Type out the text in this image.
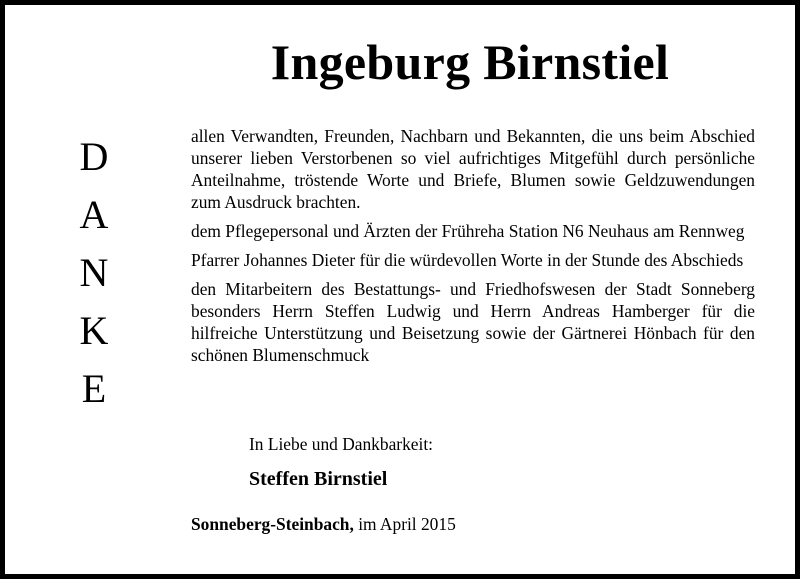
Ingeburg Birnstiel
D
A
N
K
E

allen Verwandten, Freunden, Nachbarn und Bekannten, die uns beim Abschied unserer lieben Verstorbenen so viel aufrichtiges Mitgefühl durch persönliche Anteilnahme, tröstende Worte und Briefe, Blumen sowie Geldzuwendungen zum Ausdruck brachten.

dem Pflegepersonal und Ärzten der Frühreha Station N6 Neuhaus am Rennweg

Pfarrer Johannes Dieter für die würdevollen Worte in der Stunde des Abschieds

den Mitarbeitern des Bestattungs- und Friedhofswesen der Stadt Sonneberg besonders Herrn Steffen Ludwig und Herrn Andreas Hamberger für die hilfreiche Unterstützung und Beisetzung sowie der Gärtnerei Hönbach für den schönen Blumenschmuck

In Liebe und Dankbarkeit:
Steffen Birnstiel
Sonneberg-Steinbach, im April 2015
